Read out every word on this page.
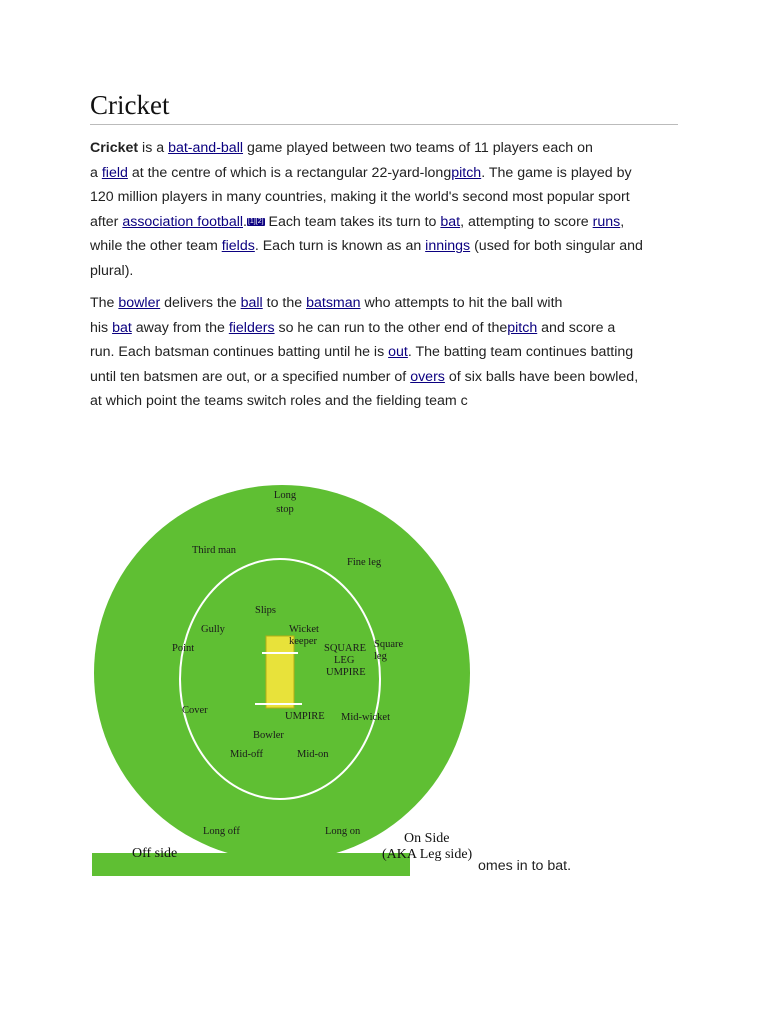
Cricket

Cricket is a bat-and-ball game played between two teams of 11 players each on
a field at the centre of which is a rectangular 22-yard-longpitch. The game is played by
120 million players in many countries, making it the world's second most popular sport
after association football.[1][2] Each team takes its turn to bat, attempting to score runs,
while the other team fields. Each turn is known as an innings (used for both singular and
plural).

The bowler delivers the ball to the batsman who attempts to hit the ball with
his bat away from the fielders so he can run to the other end of thepitch and score a
run. Each batsman continues batting until he is out. The batting team continues batting
until ten batsmen are out, or a specified number of overs of six balls have been bowled,
at which point the teams switch roles and the fielding team c

Long
stop
Third man
Fine leg
Slips
Gully	Wicket
keeper
Point	Square
leg
SQUARE
LEG
UMPIRE
Cover
UMPIRE Mid-wicket
Bowler
Mid-off	Mid-on
Long off	Long on
Off side
On Side
(AKA Leg side)
omes in to bat.
